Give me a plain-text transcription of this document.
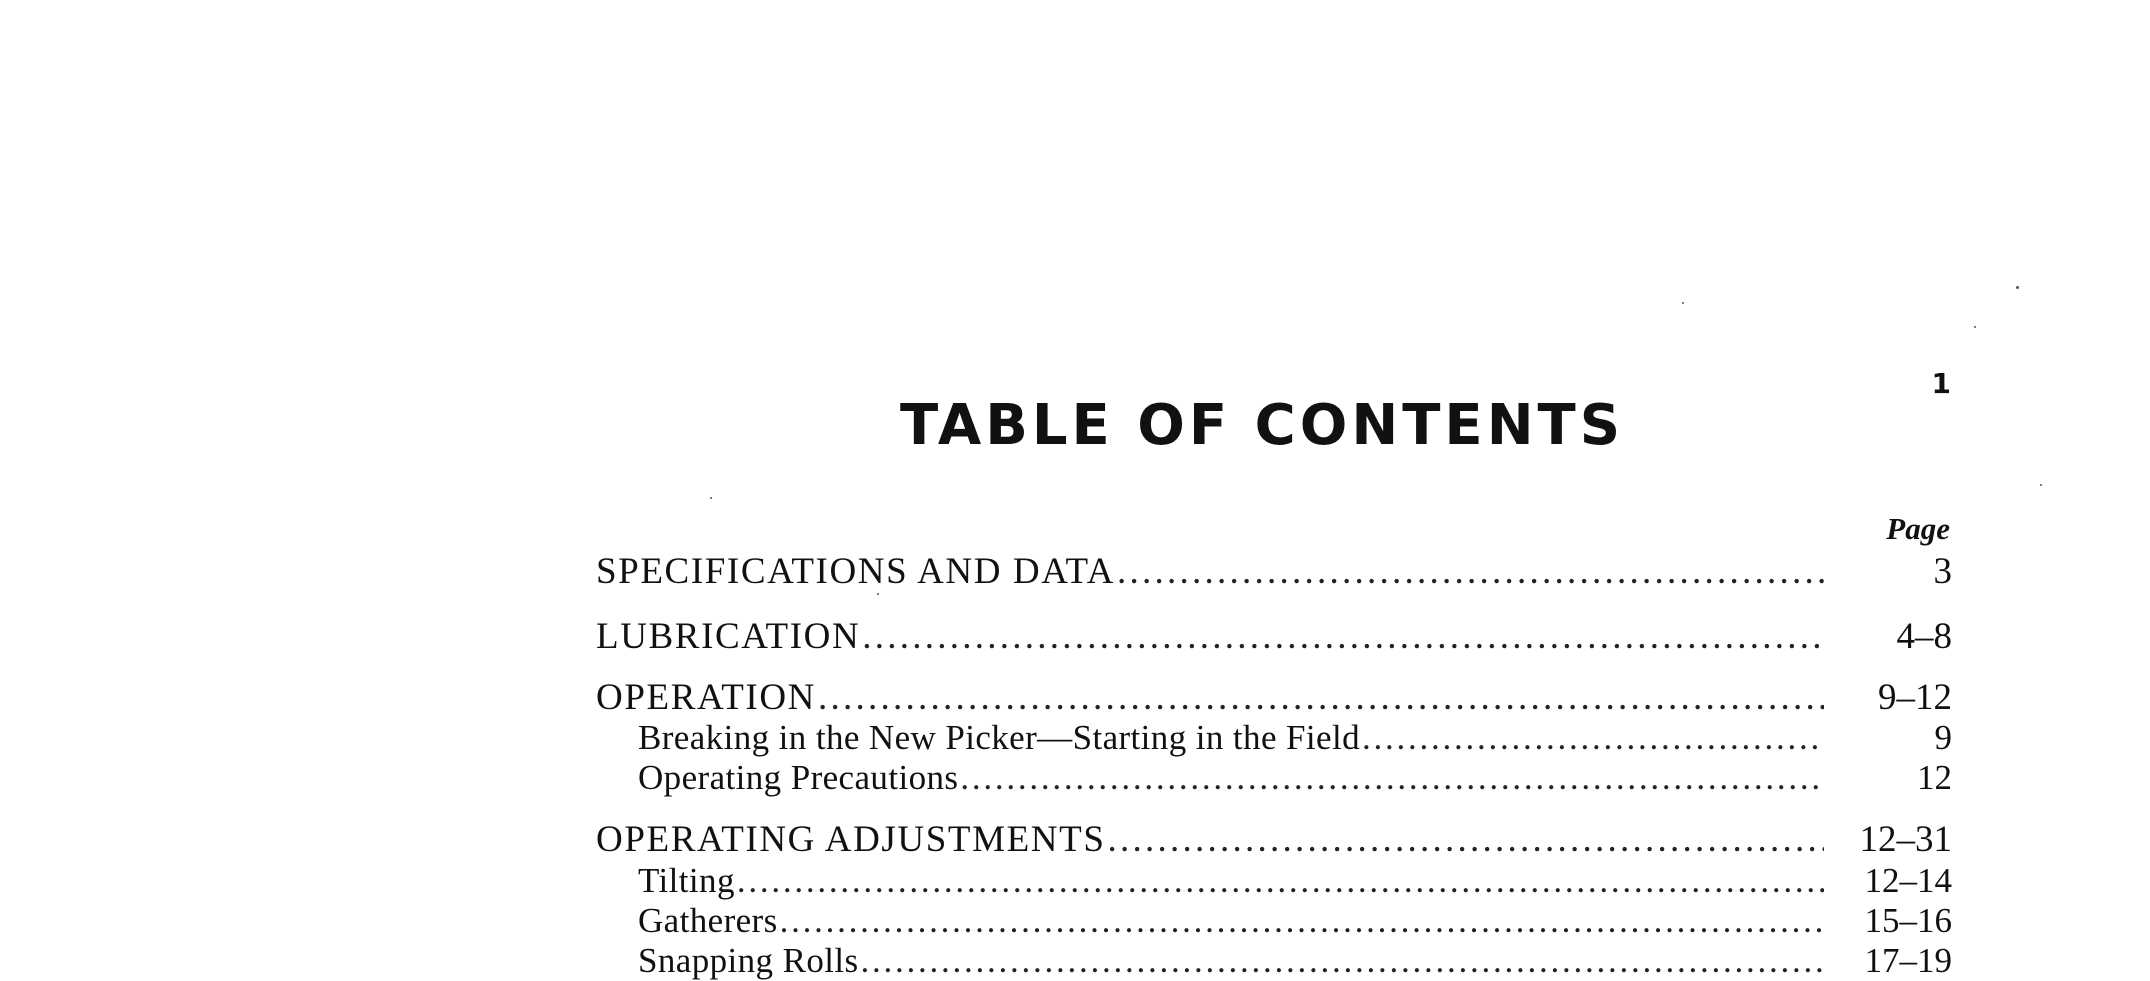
1
TABLE OF CONTENTS
Page
SPECIFICATIONS AND DATA . . .	3
LUBRICATION . . .	4–8
OPERATION . . .	9–12
Breaking in the New Picker—Starting in the Field . . .	9
Operating Precautions . . .	12
OPERATING ADJUSTMENTS . . .	12–31
Tilting . . .	12–14
Gatherers . . .	15–16
Snapping Rolls . . .	17–19
